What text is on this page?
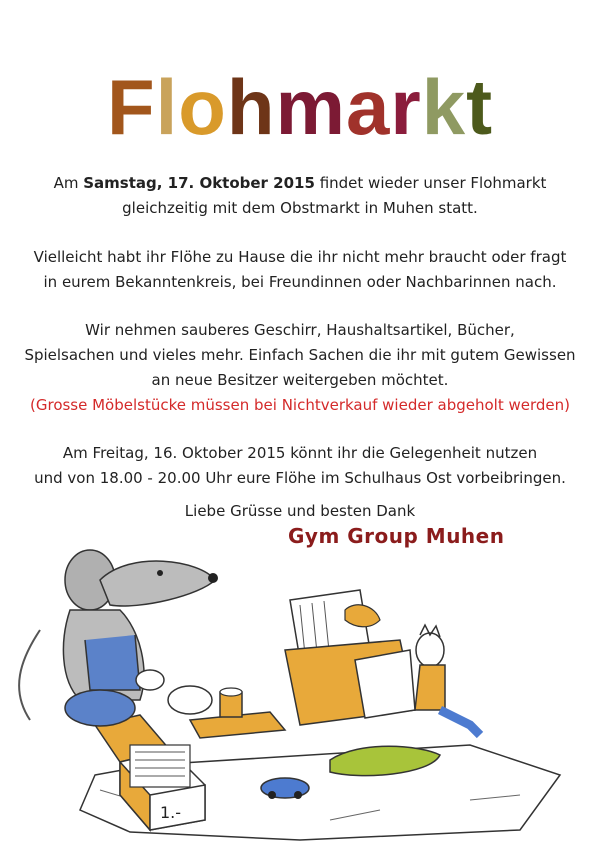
Flohmarkt
Am Samstag, 17. Oktober 2015 findet wieder unser Flohmarkt
gleichzeitig mit dem Obstmarkt in Muhen statt.
Vielleicht habt ihr Flöhe zu Hause die ihr nicht mehr braucht oder fragt
in eurem Bekanntenkreis, bei Freundinnen oder Nachbarinnen nach.
Wir nehmen sauberes Geschirr, Haushaltsartikel, Bücher,
Spielsachen und vieles mehr. Einfach Sachen die ihr mit gutem Gewissen
an neue Besitzer weitergeben möchtet.
(Grosse Möbelstücke müssen bei Nichtverkauf wieder abgeholt werden)
Am Freitag, 16. Oktober 2015 könnt ihr die Gelegenheit nutzen
und von 18.00 - 20.00 Uhr eure Flöhe im Schulhaus Ost vorbeibringen.
Liebe Grüsse und besten Dank
Gym Group Muhen
1.-
